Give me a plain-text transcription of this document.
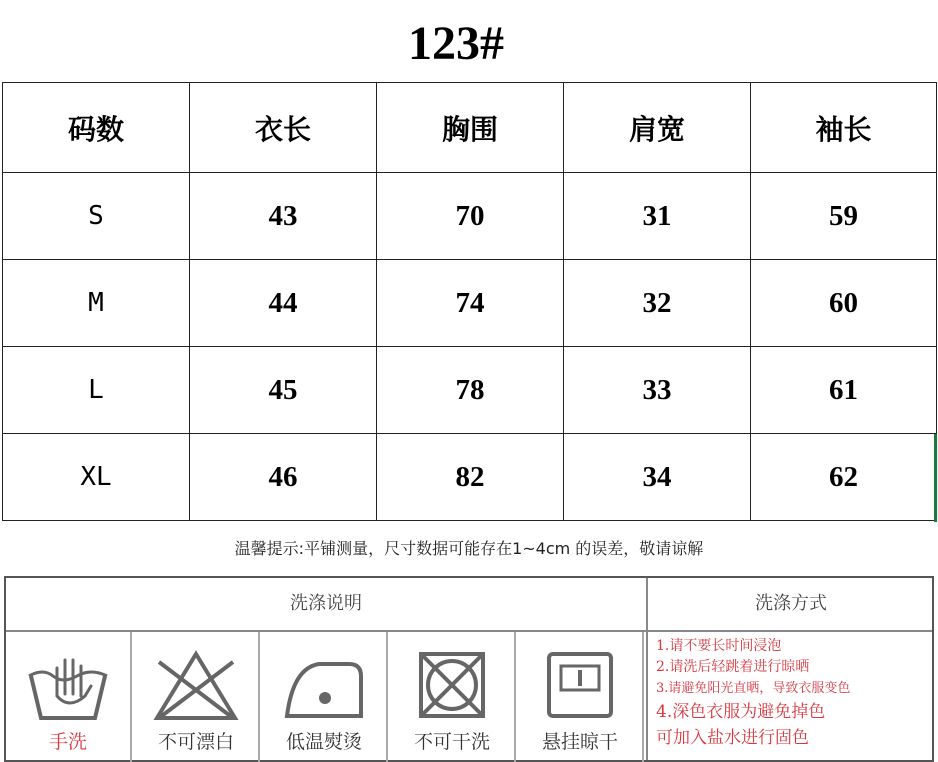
123#
码数	衣长	胸围	肩宽	袖长
S	43	70	31	59
M	44	74	32	60
L	45	78	33	61
XL	46	82	34	62
温馨提示:平铺测量，尺寸数据可能存在1~4cm 的误差，敬请谅解
洗涤说明	洗涤方式
手洗	不可漂白	低温熨烫	不可干洗	悬挂晾干
1.请不要长时间浸泡
2.请洗后轻跳着进行晾晒
3.请避免阳光直晒，导致衣服变色
4.深色衣服为避免掉色
可加入盐水进行固色
